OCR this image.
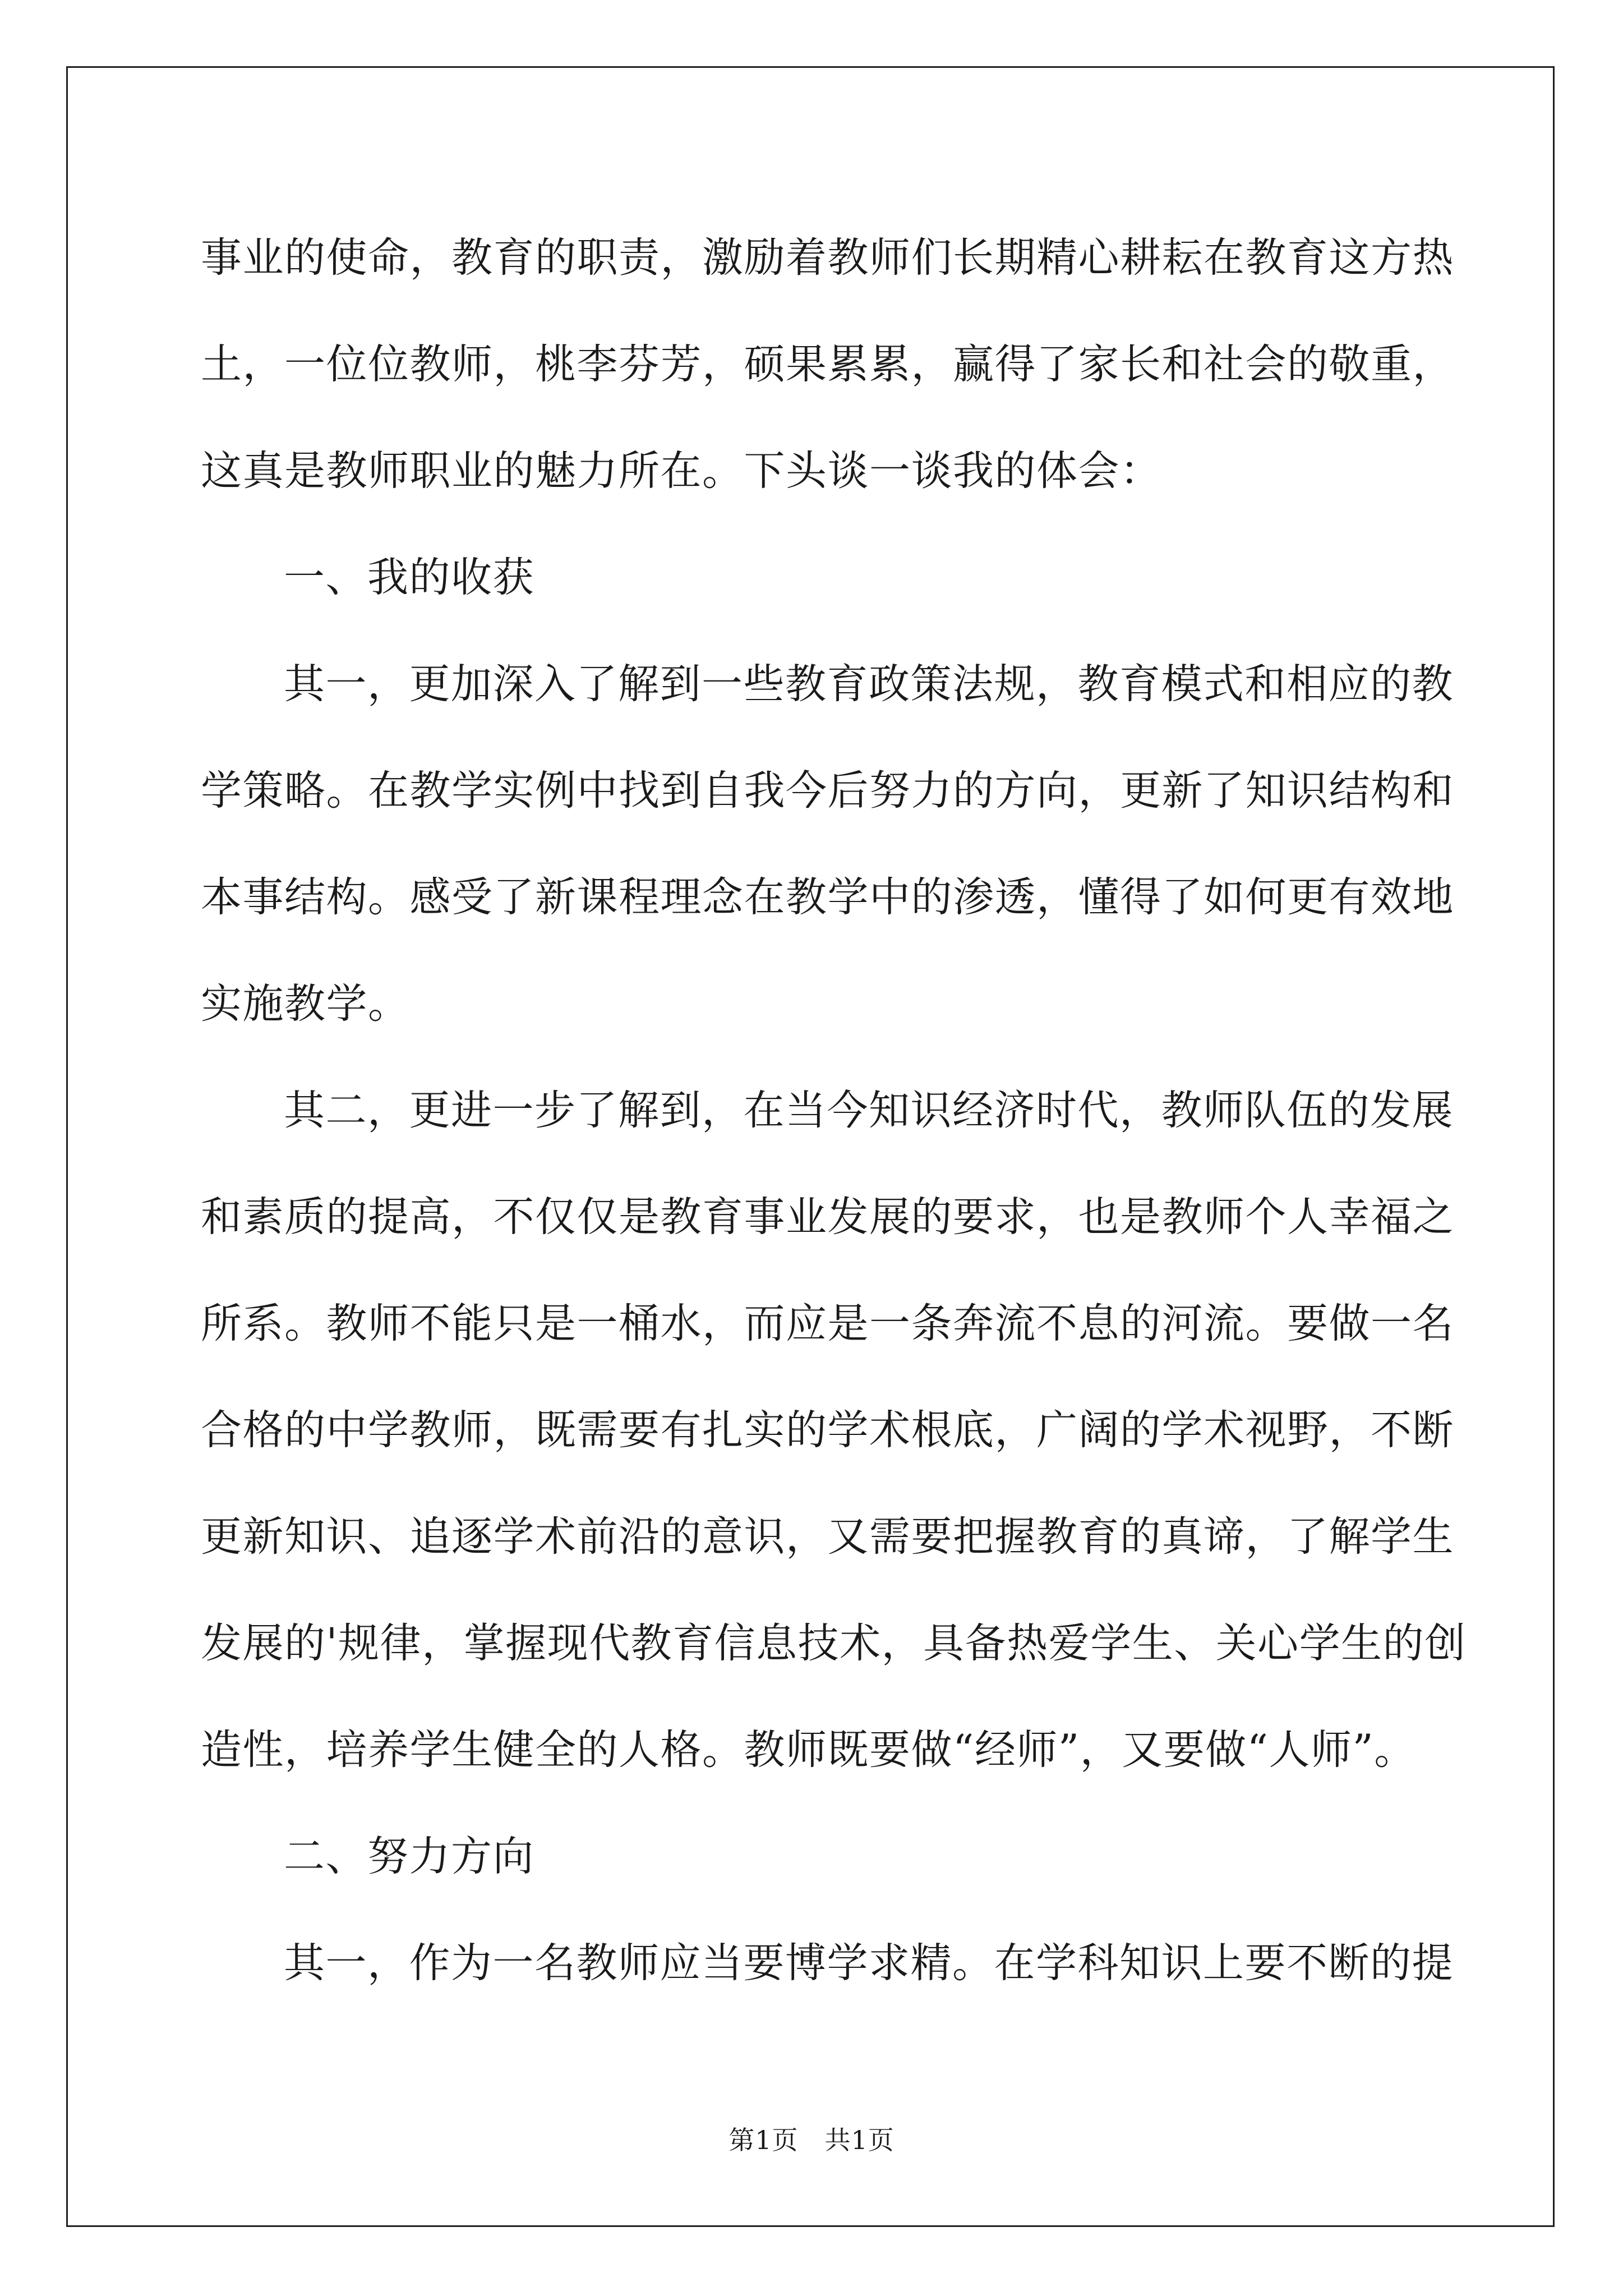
事业的使命，教育的职责，激励着教师们长期精心耕耘在教育这方热
土，一位位教师，桃李芬芳，硕果累累，赢得了家长和社会的敬重，
这真是教师职业的魅力所在。下头谈一谈我的体会：
一、我的收获
其一，更加深入了解到一些教育政策法规，教育模式和相应的教
学策略。在教学实例中找到自我今后努力的方向，更新了知识结构和
本事结构。感受了新课程理念在教学中的渗透，懂得了如何更有效地
实施教学。
其二，更进一步了解到，在当今知识经济时代，教师队伍的发展
和素质的提高，不仅仅是教育事业发展的要求，也是教师个人幸福之
所系。教师不能只是一桶水，而应是一条奔流不息的河流。要做一名
合格的中学教师，既需要有扎实的学术根底，广阔的学术视野，不断
更新知识、追逐学术前沿的意识，又需要把握教育的真谛，了解学生
发展的'规律，掌握现代教育信息技术，具备热爱学生、关心学生的创
造性，培养学生健全的人格。教师既要做“经师”，又要做“人师”。
二、努力方向
其一，作为一名教师应当要博学求精。在学科知识上要不断的提
第1页　共1页
